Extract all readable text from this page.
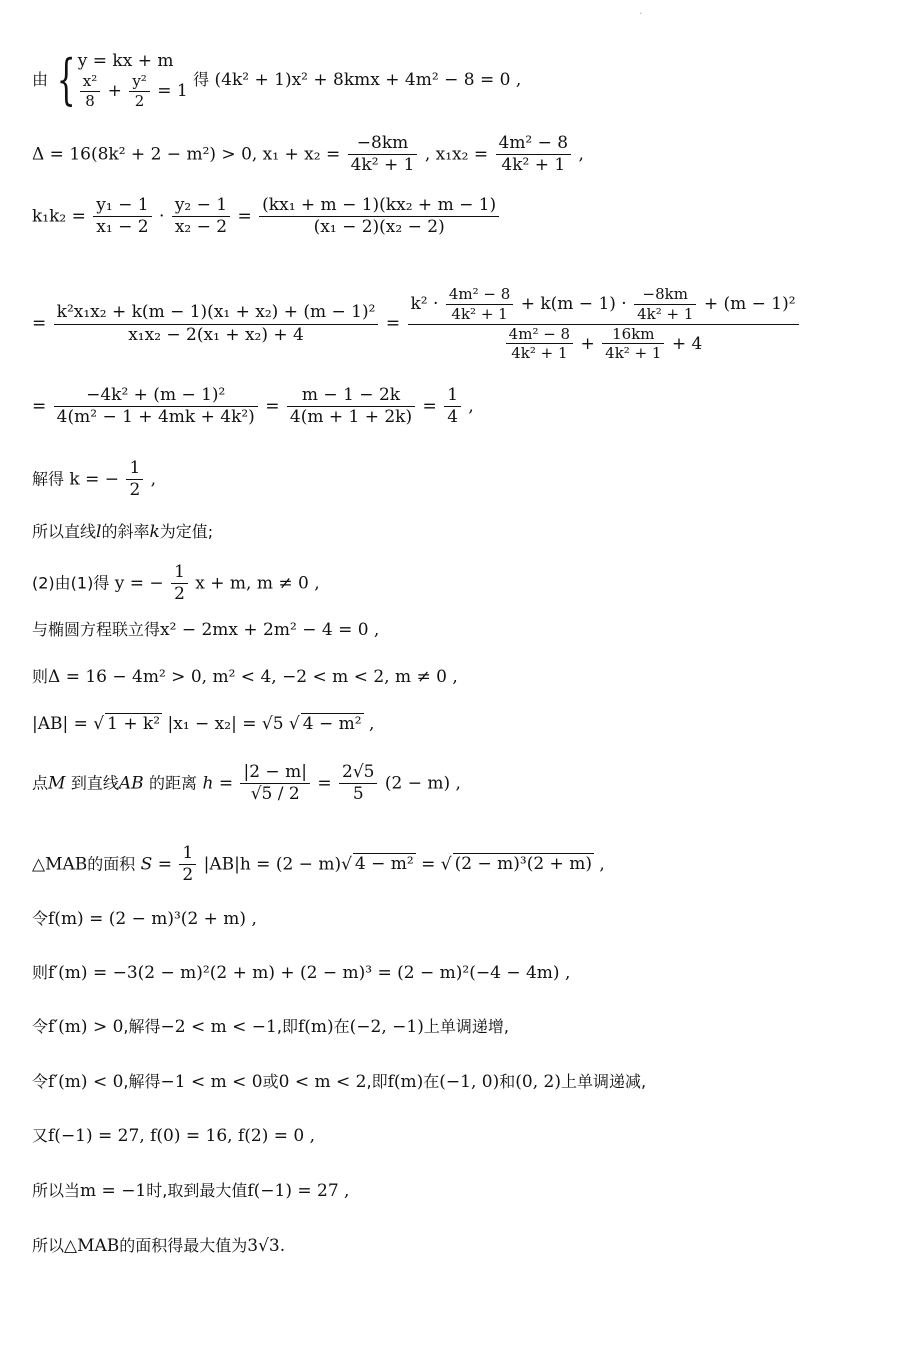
,
由 { y = kx + m
$\frac{\text{x²}}{8} + \frac{\text{y²}}{2} = 1$
得 (4k² + 1)x² + 8kmx + 4m² − 8 = 0 ,
Δ = 16(8k² + 2 − m²) > 0, $x_1 + x_2 = \frac{-8km}{\text{4k² + 1}}$ , $x_1x_2 = \frac{\text{4m² − 8}}{\text{4k² + 1}}$ ,
$k_1k_2 = \frac{\text{y₁ − 1}}{\text{x₁ − 2}} \cdot \frac{\text{y₂ − 1}}{\text{x₂ − 2}} = \frac{\text{(kx₁ + m − 1)(kx₂ + m − 1)}}{\text{(x₁ − 2)(x₂ − 2)}}$
= $\frac{\text{k²x₁x₂ + k(m − 1)(x₁ + x₂) + (m − 1)²}}{\text{x₁x₂ − 2(x₁ + x₂) + 4}}$ =
$k^2 \cdot \frac{\text{4m² − 8}}{\text{4k² + 1}} + k(m - 1) \cdot \frac{-8km}{\text{4k² + 1}} + (m - 1)^2$
$\frac{\text{4m² − 8}}{\text{4k² + 1}} + \frac{16km}{\text{4k² + 1}} + 4$
= $\frac{\text{−4k² + (m − 1)²}}{\text{4(m² − 1 + 4mk + 4k²)}} = \frac{m - 1 - 2k}{4(m + 1 + 2k)} = \frac{1}{4}$ ,
解得 k = − $\frac{1}{2}$ ,
所以直线l的斜率k为定值;
(2)由(1)得 y = − $\frac{1}{2}$ x + m, m ≠ 0 ,
与椭圆方程联立得x² − 2mx + 2m² − 4 = 0 ,
则Δ = 16 − 4m² > 0, m² < 4, −2 < m < 2, m ≠ 0 ,
|AB| = √ 1 + k² |x₁ − x₂| = √5 √ 4 − m² ,
点M 到直线AB 的距离 $h = \frac{|2 - m|}{√5 / 2} = \frac{2√5}{5} (2 - m)$ ,
△MAB的面积 $S = \frac{1}{2} |AB|h = (2 - m)√$ 4 − m² = √ (2 − m)³(2 + m) ,
令f(m) = (2 − m)³(2 + m) ,
则f′(m) = −3(2 − m)²(2 + m) + (2 − m)³ = (2 − m)²(−4 − 4m) ,
令f′(m) > 0,解得−2 < m < −1,即f(m)在(−2, −1)上单调递增,
令f′(m) < 0,解得−1 < m < 0或0 < m < 2,即f(m)在(−1, 0)和(0, 2)上单调递减,
又f(−1) = 27, f(0) = 16, f(2) = 0 ,
所以当m = −1时,取到最大值f(−1) = 27 ,
所以△MAB的面积得最大值为3√3.
